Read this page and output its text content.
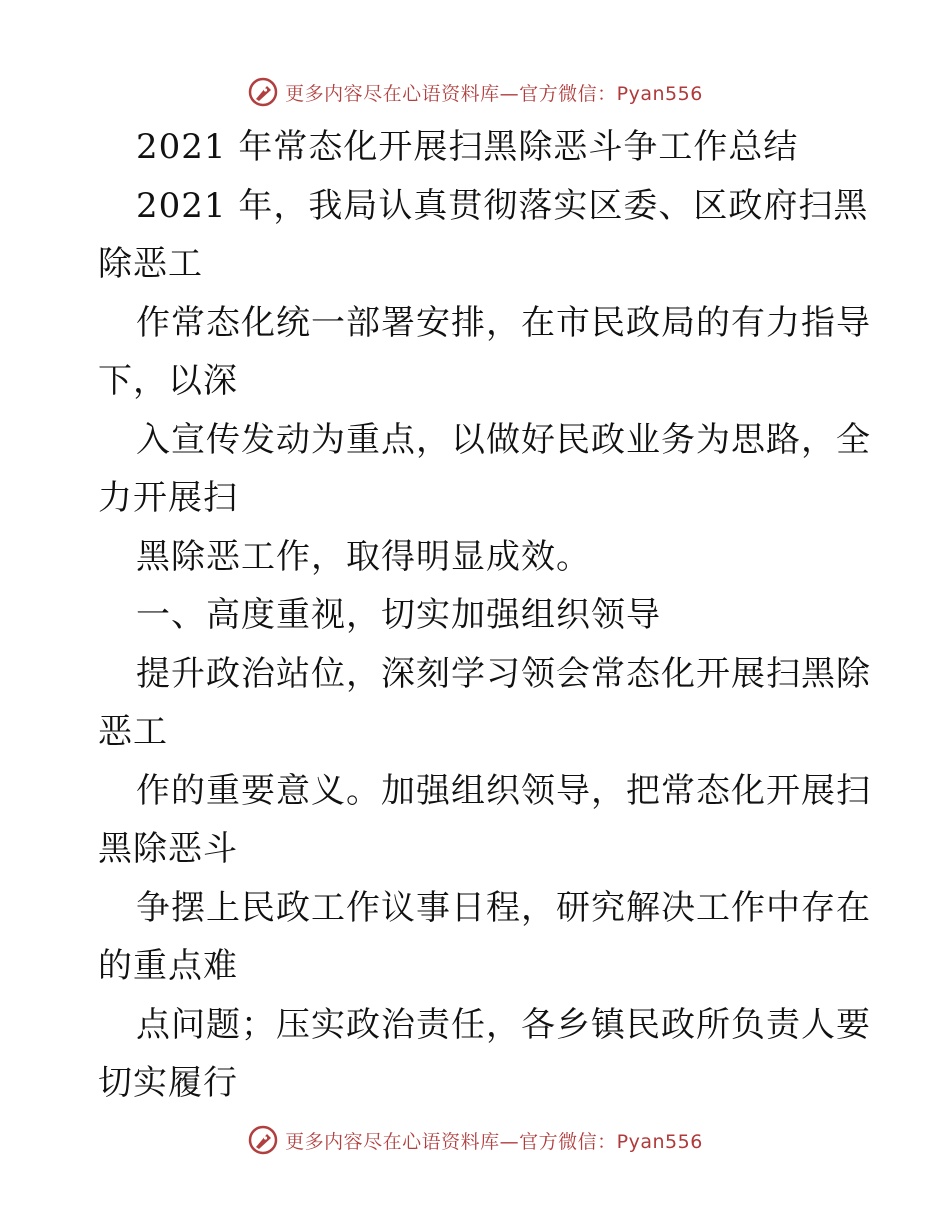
更多内容尽在心语资料库 —官方微信：Pyan556
2021 年常态化开展扫黑除恶斗争工作总结
2021 年，我局认真贯彻落实区委、区政府扫黑
除恶工
作常态化统一部署安排，在市民政局的有力指导
下，以深
入宣传发动为重点，以做好民政业务为思路，全
力开展扫
黑除恶工作，取得明显成效。
一、高度重视，切实加强组织领导
提升政治站位，深刻学习领会常态化开展扫黑除
恶工
作的重要意义。加强组织领导，把常态化开展扫
黑除恶斗
争摆上民政工作议事日程，研究解决工作中存在
的重点难
点问题；压实政治责任，各乡镇民政所负责人要
切实履行
更多内容尽在心语资料库 —官方微信：Pyan556
